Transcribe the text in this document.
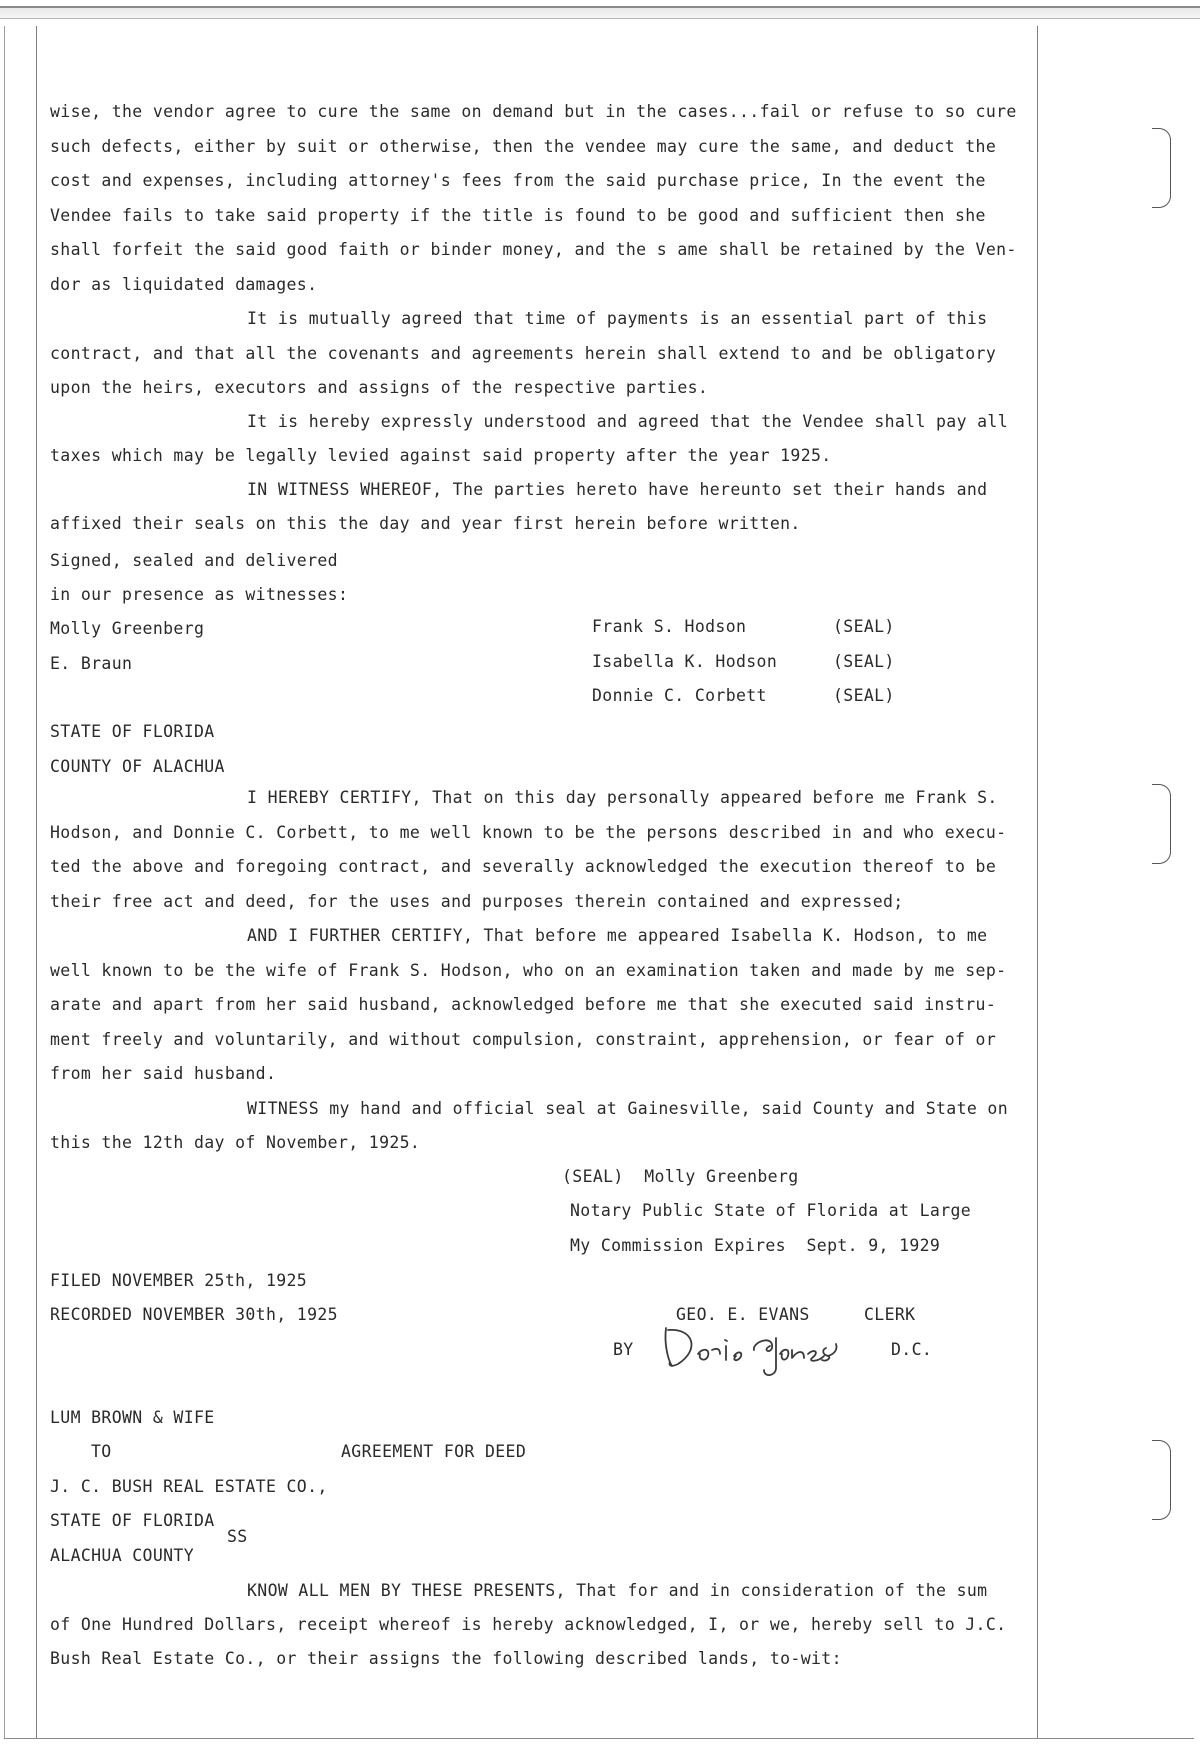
wise, the vendor agree to cure the same on demand but in the cases...fail or refuse to so cure
such defects, either by suit or otherwise, then the vendee may cure the same, and deduct the
cost and expenses, including attorney's fees from the said purchase price, In the event the
Vendee fails to take said property if the title is found to be good and sufficient then she
shall forfeit the said good faith or binder money, and the s ame shall be retained by the Ven-
dor as liquidated damages.
It is mutually agreed that time of payments is an essential part of this
contract, and that all the covenants and agreements herein shall extend to and be obligatory
upon the heirs, executors and assigns of the respective parties.
It is hereby expressly understood and agreed that the Vendee shall pay all
taxes which may be legally levied against said property after the year 1925.
IN WITNESS WHEREOF, The parties hereto have hereunto set their hands and
affixed their seals on this the day and year first herein before written.
Signed, sealed and delivered
in our presence as witnesses:
Molly Greenberg
E. Braun
Frank S. Hodson	(SEAL)
Isabella K. Hodson	(SEAL)
Donnie C. Corbett	(SEAL)
STATE OF FLORIDA
COUNTY OF ALACHUA
I HEREBY CERTIFY, That on this day personally appeared before me Frank S.
Hodson, and Donnie C. Corbett, to me well known to be the persons described in and who execu-
ted the above and foregoing contract, and severally acknowledged the execution thereof to be
their free act and deed, for the uses and purposes therein contained and expressed;
AND I FURTHER CERTIFY, That before me appeared Isabella K. Hodson, to me
well known to be the wife of Frank S. Hodson, who on an examination taken and made by me sep-
arate and apart from her said husband, acknowledged before me that she executed said instru-
ment freely and voluntarily, and without compulsion, constraint, apprehension, or fear of or
from her said husband.
WITNESS my hand and official seal at Gainesville, said County and State on
this the 12th day of November, 1925.
(SEAL)  Molly Greenberg
Notary Public State of Florida at Large
My Commission Expires  Sept. 9, 1929
FILED NOVEMBER 25th, 1925
RECORDED NOVEMBER 30th, 1925	GEO. E. EVANS	CLERK
BY
Doris Jones
D.C.
LUM BROWN & WIFE
TO	AGREEMENT FOR DEED
J. C. BUSH REAL ESTATE CO.,
STATE OF FLORIDA
SS
ALACHUA COUNTY
KNOW ALL MEN BY THESE PRESENTS, That for and in consideration of the sum
of One Hundred Dollars, receipt whereof is hereby acknowledged, I, or we, hereby sell to J.C.
Bush Real Estate Co., or their assigns the following described lands, to-wit:
